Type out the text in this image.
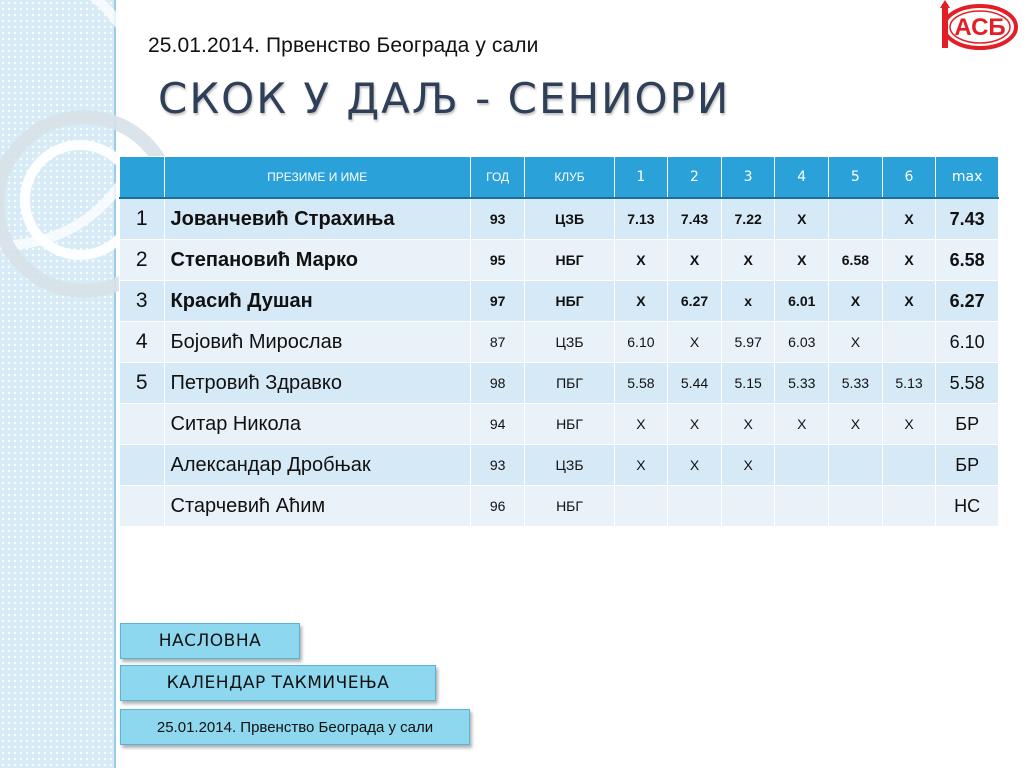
25.01.2014. Првенство Београда у сали
СКОК У ДАЉ - СЕНИОРИ
АСБ
	ПРЕЗИМЕ И ИМЕ	ГОД	КЛУБ	1	2	3	4	5	6	max
1	Јованчевић Страхиња	93	ЦЗБ	7.13	7.43	7.22	X		X	7.43
2	Степановић Марко	95	НБГ	X	X	X	X	6.58	X	6.58
3	Красић Душан	97	НБГ	X	6.27	x	6.01	X	X	6.27
4	Бојовић Мирослав	87	ЦЗБ	6.10	X	5.97	6.03	X		6.10
5	Петровић Здравко	98	ПБГ	5.58	5.44	5.15	5.33	5.33	5.13	5.58
	Ситар Никола	94	НБГ	X	X	X	X	X	X	БР
	Александар Дробњак	93	ЦЗБ	X	X	X				БР
	Старчевић Аћим	96	НБГ							НС
НАСЛОВНА
КАЛЕНДАР ТАКМИЧЕЊА
25.01.2014. Првенство Београда у сали
